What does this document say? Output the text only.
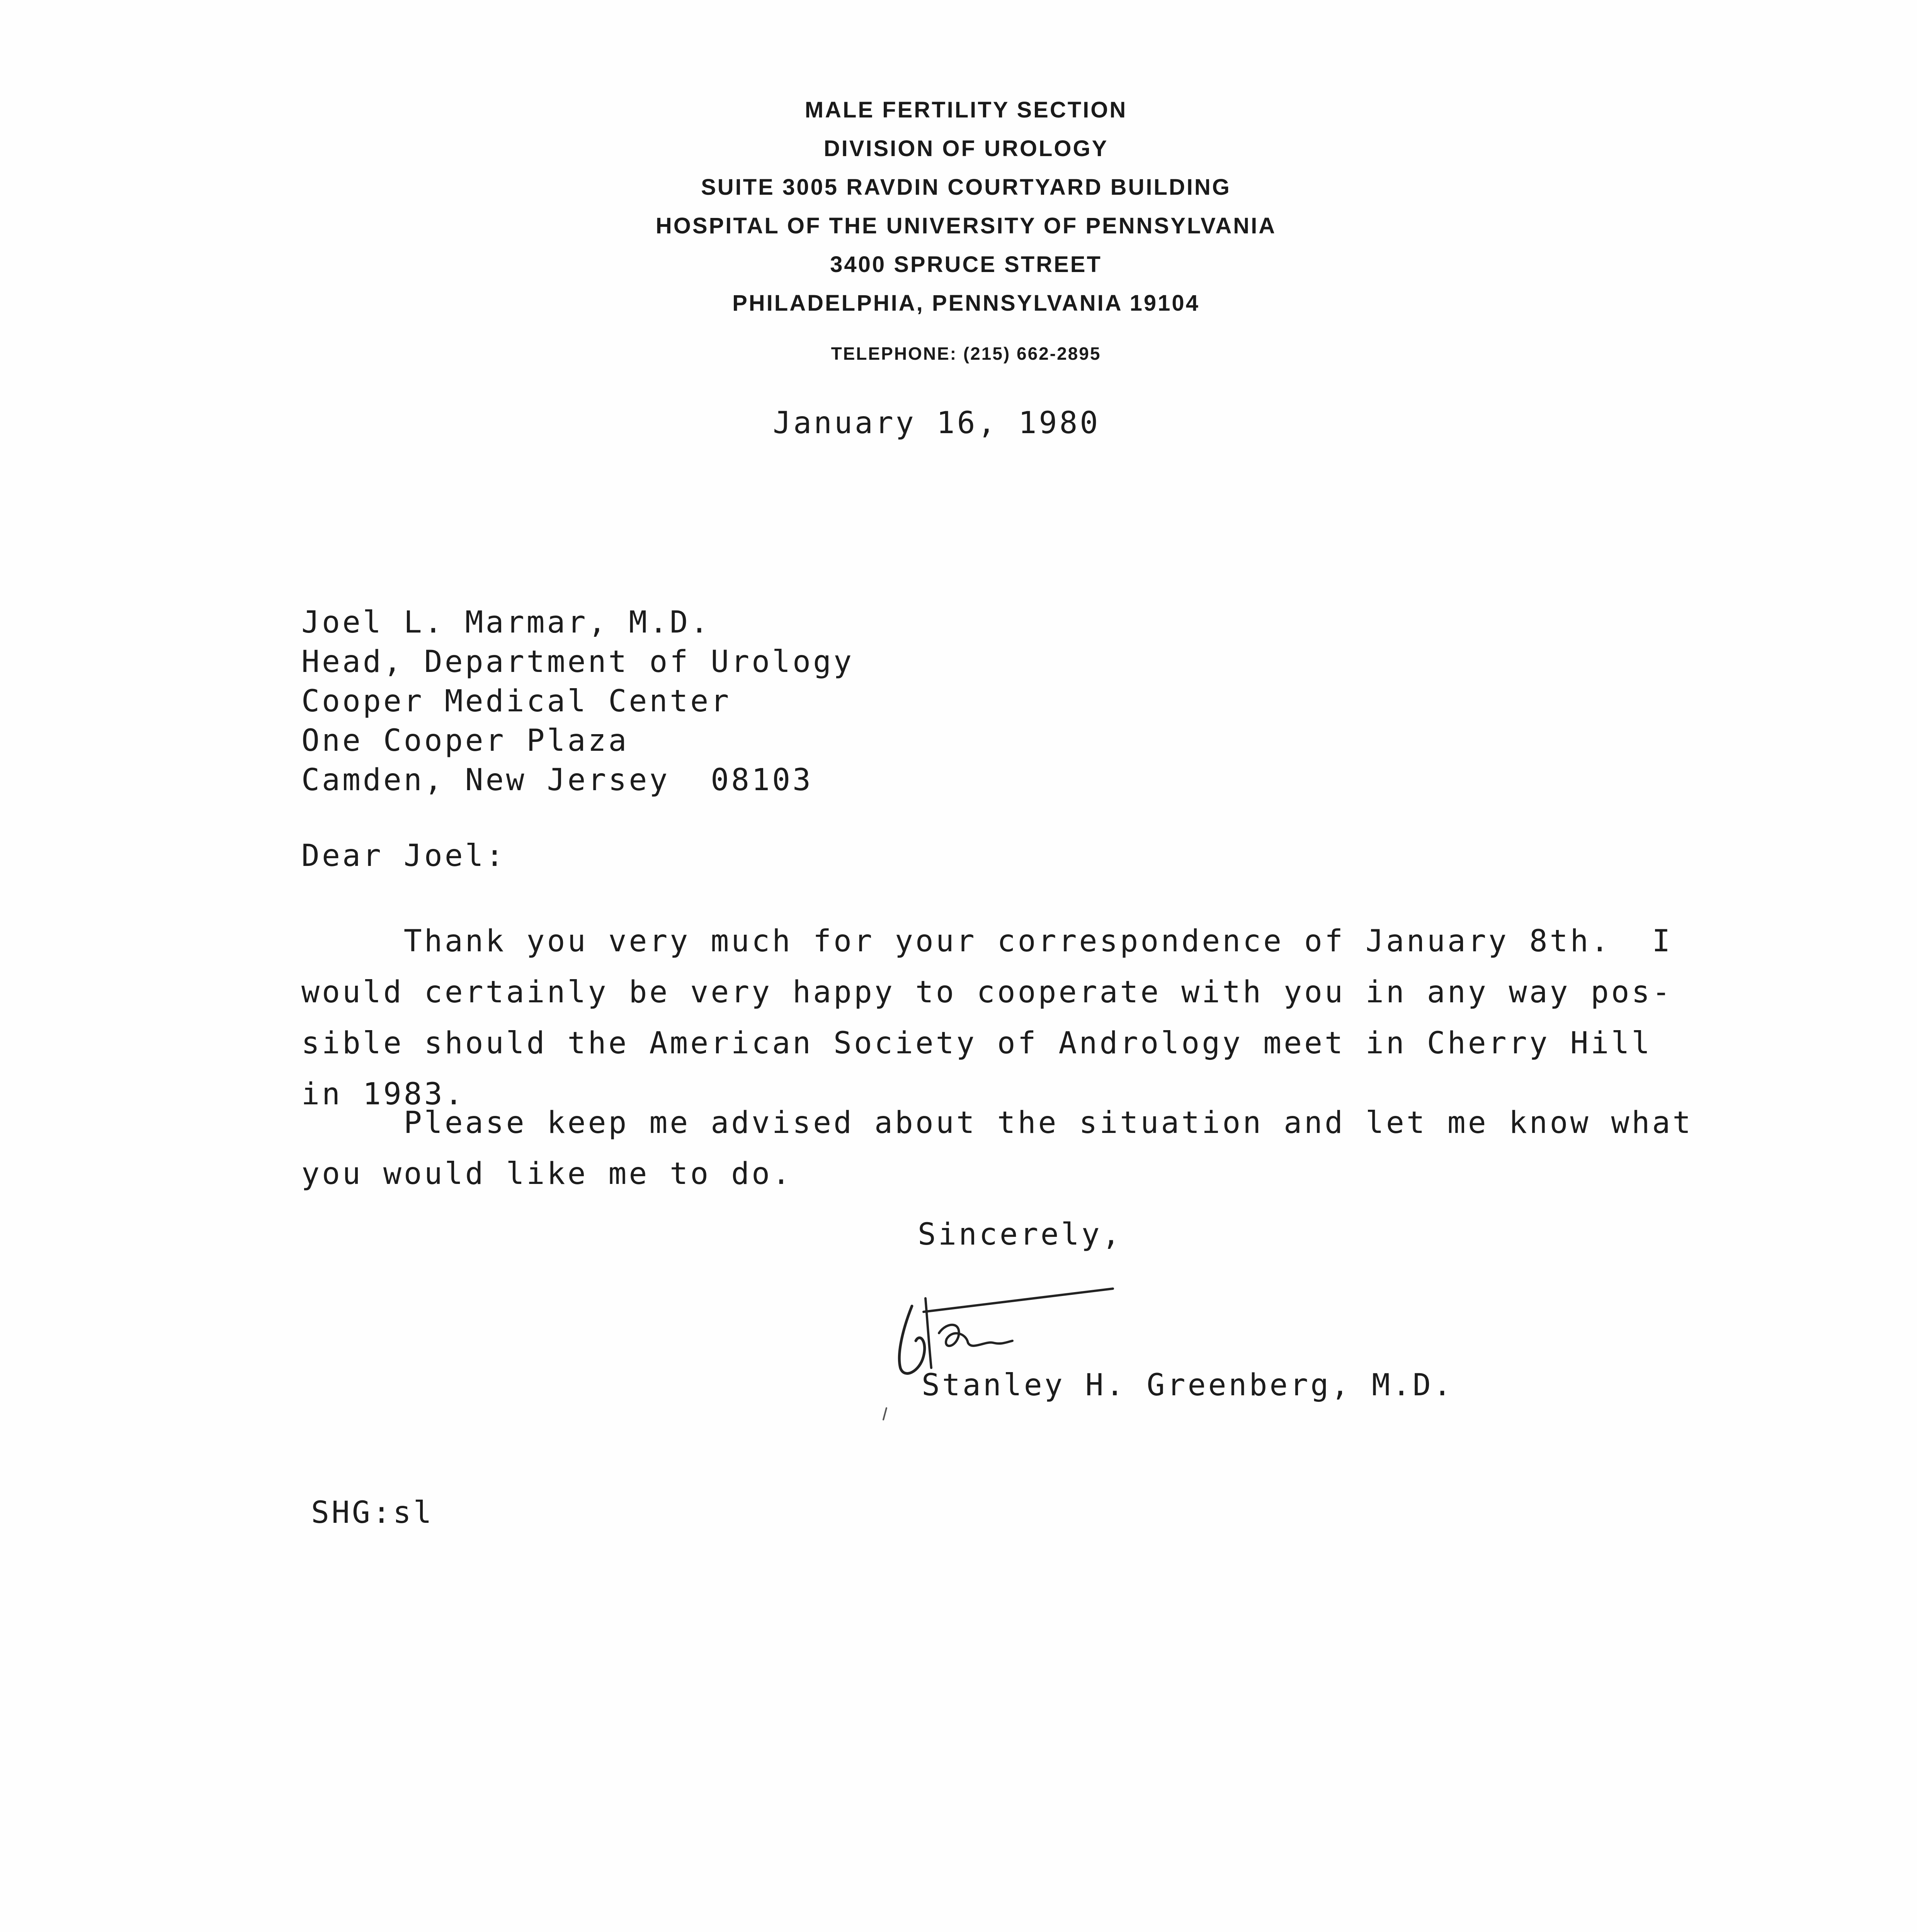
MALE FERTILITY SECTION
DIVISION OF UROLOGY
SUITE 3005 RAVDIN COURTYARD BUILDING
HOSPITAL OF THE UNIVERSITY OF PENNSYLVANIA
3400 SPRUCE STREET
PHILADELPHIA, PENNSYLVANIA 19104
TELEPHONE: (215) 662-2895
January 16, 1980
Joel L. Marmar, M.D.
Head, Department of Urology
Cooper Medical Center
One Cooper Plaza
Camden, New Jersey  08103
Dear Joel:
Thank you very much for your correspondence of January 8th.  I
would certainly be very happy to cooperate with you in any way pos-
sible should the American Society of Andrology meet in Cherry Hill
in 1983.
Please keep me advised about the situation and let me know what
you would like me to do.
Sincerely,
Stanley H. Greenberg, M.D.
SHG:sl
